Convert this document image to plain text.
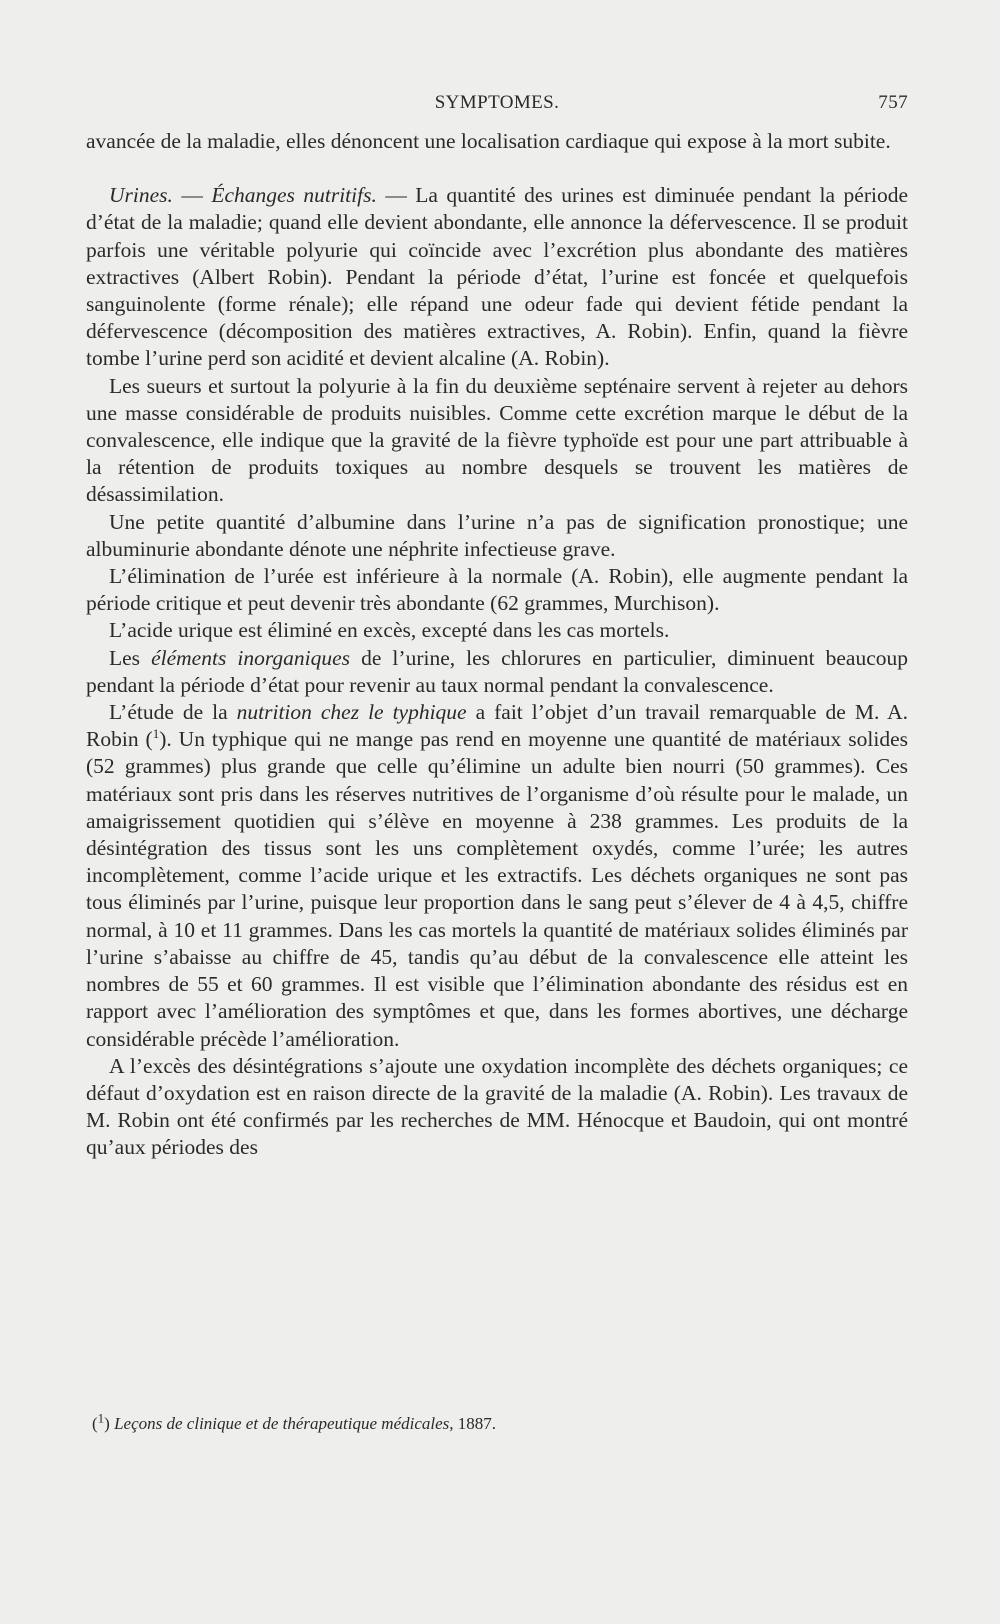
SYMPTOMES.	757

avancée de la maladie, elles dénoncent une localisation cardiaque qui expose à la mort subite.

Urines. — Échanges nutritifs. — La quantité des urines est diminuée pendant la période d’état de la maladie; quand elle devient abondante, elle annonce la défervescence. Il se produit parfois une véritable polyurie qui coïncide avec l’excrétion plus abondante des matières extractives (Albert Robin). Pendant la période d’état, l’urine est foncée et quelquefois sanguinolente (forme rénale); elle répand une odeur fade qui devient fétide pendant la défervescence (décomposition des matières extractives, A. Robin). Enfin, quand la fièvre tombe l’urine perd son acidité et devient alcaline (A. Robin).

Les sueurs et surtout la polyurie à la fin du deuxième septénaire servent à rejeter au dehors une masse considérable de produits nuisibles. Comme cette excrétion marque le début de la convalescence, elle indique que la gravité de la fièvre typhoïde est pour une part attribuable à la rétention de produits toxiques au nombre desquels se trouvent les matières de désassimilation.

Une petite quantité d’albumine dans l’urine n’a pas de signification pronostique; une albuminurie abondante dénote une néphrite infectieuse grave.

L’élimination de l’urée est inférieure à la normale (A. Robin), elle augmente pendant la période critique et peut devenir très abondante (62 grammes, Murchison).

L’acide urique est éliminé en excès, excepté dans les cas mortels.

Les éléments inorganiques de l’urine, les chlorures en particulier, diminuent beaucoup pendant la période d’état pour revenir au taux normal pendant la convalescence.

L’étude de la nutrition chez le typhique a fait l’objet d’un travail remarquable de M. A. Robin ($^1$). Un typhique qui ne mange pas rend en moyenne une quantité de matériaux solides (52 grammes) plus grande que celle qu’élimine un adulte bien nourri (50 grammes). Ces matériaux sont pris dans les réserves nutritives de l’organisme d’où résulte pour le malade, un amaigrissement quotidien qui s’élève en moyenne à 238 grammes. Les produits de la désintégration des tissus sont les uns complètement oxydés, comme l’urée; les autres incomplètement, comme l’acide urique et les extractifs. Les déchets organiques ne sont pas tous éliminés par l’urine, puisque leur proportion dans le sang peut s’élever de 4 à 4,5, chiffre normal, à 10 et 11 grammes. Dans les cas mortels la quantité de matériaux solides éliminés par l’urine s’abaisse au chiffre de 45, tandis qu’au début de la convalescence elle atteint les nombres de 55 et 60 grammes. Il est visible que l’élimination abondante des résidus est en rapport avec l’amélioration des symptômes et que, dans les formes abortives, une décharge considérable précède l’amélioration.

A l’excès des désintégrations s’ajoute une oxydation incomplète des déchets organiques; ce défaut d’oxydation est en raison directe de la gravité de la maladie (A. Robin). Les travaux de M. Robin ont été confirmés par les recherches de MM. Hénocque et Baudoin, qui ont montré qu’aux périodes des

($^1$) Leçons de clinique et de thérapeutique médicales, 1887.
